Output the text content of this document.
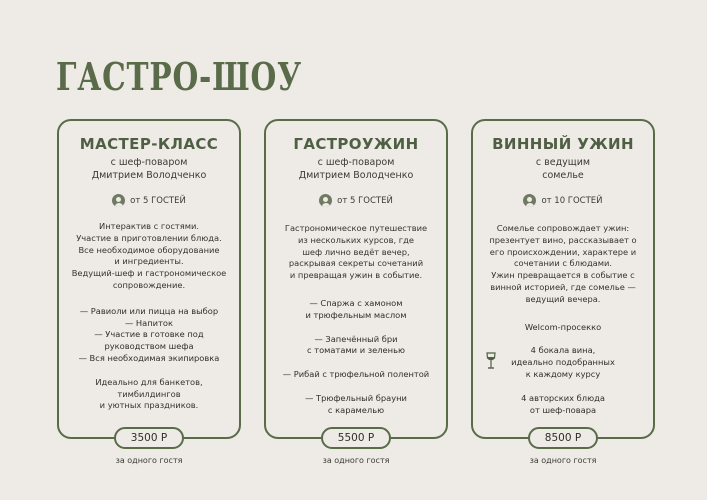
ГАСТРО-ШОУ
МАСТЕР-КЛАСС
с шеф-поваром
Дмитрием Володченко
от 5 ГОСТЕЙ
Интерактив с гостями.
Участие в приготовлении блюда.
Все необходимое оборудование
и ингредиенты.
Ведущий-шеф и гастрономическое
сопровождение.
— Равиоли или пицца на выбор
— Напиток
— Участие в готовке под
руководством шефа
— Вся необходимая экипировка
Идеально для банкетов,
тимбилдингов
и уютных праздников.
3500 Р
за одного гостя
ГАСТРОУЖИН
с шеф-поваром
Дмитрием Володченко
от 5 ГОСТЕЙ
Гастрономическое путешествие
из нескольких курсов, где
шеф лично ведёт вечер,
раскрывая секреты сочетаний
и превращая ужин в событие.
— Спаржа с хамоном
и трюфельным маслом
— Запечённый бри
с томатами и зеленью
— Рибай с трюфельной полентой
— Трюфельный брауни
с карамелью
5500 Р
за одного гостя
ВИННЫЙ УЖИН
с ведущим
сомелье
от 10 ГОСТЕЙ
Сомелье сопровождает ужин:
презентует вино, рассказывает о
его происхождении, характере и
сочетании с блюдами.
Ужин превращается в событие с
винной историей, где сомелье —
ведущий вечера.
Welcom-просекко
4 бокала вина,
идеально подобранных
к каждому курсу
4 авторских блюда
от шеф-повара
8500 Р
за одного гостя
